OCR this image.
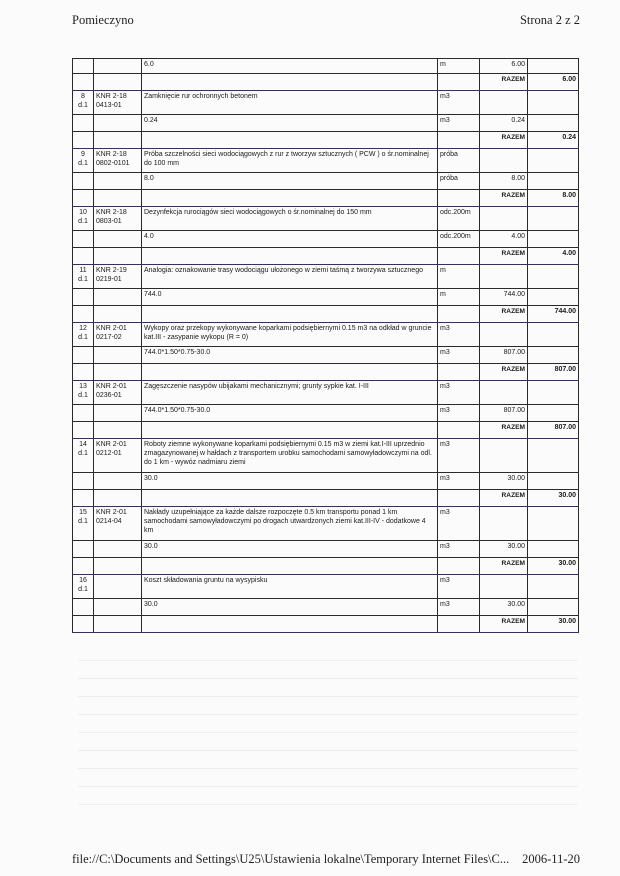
Pomieczyno	Strona 2 z 2
		6.0	m	6.00	
				RAZEM	6.00

8
d.1	KNR 2-18 0413-01	Zamknięcie rur ochronnych betonem	m3		
		0.24	m3	0.24	
				RAZEM	0.24

9
d.1	KNR 2-18 0802-0101	Próba szczelności sieci wodociągowych z rur z tworzyw sztucznych ( PCW ) o śr.nominalnej do 100 mm	próba		
		8.0	próba	8.00	
				RAZEM	8.00

10
d.1	KNR 2-18 0803-01	Dezynfekcja rurociągów sieci wodociągowych o śr.nominalnej do 150 mm	odc.200m		
		4.0	odc.200m	4.00	
				RAZEM	4.00

11
d.1	KNR 2-19 0219-01	Analogia: oznakowanie trasy wodociągu ułożonego w ziemi taśmą z tworzywa sztucznego	m		
		744.0	m	744.00	
				RAZEM	744.00

12
d.1	KNR 2-01 0217-02	Wykopy oraz przekopy wykonywane koparkami podsiębiernymi 0.15 m3 na odkład w gruncie kat.III - zasypanie wykopu (R = 0)	m3		
		744.0*1.50*0.75-30.0	m3	807.00	
				RAZEM	807.00

13
d.1	KNR 2-01 0236-01	Zagęszczenie nasypów ubijakami mechanicznymi; grunty sypkie kat. I-III	m3		
		744.0*1.50*0.75-30.0	m3	807.00	
				RAZEM	807.00

14
d.1	KNR 2-01 0212-01	Roboty ziemne wykonywane koparkami podsiębiernymi 0.15 m3 w ziemi kat.I-III uprzednio zmagazynowanej w hałdach z transportem urobku samochodami samowyładowczymi na odl. do 1 km - wywóz nadmiaru ziemi	m3		
		30.0	m3	30.00	
				RAZEM	30.00

15
d.1	KNR 2-01 0214-04	Nakłady uzupełniające za każde dalsze rozpoczęte 0.5 km transportu ponad 1 km samochodami samowyładowczymi po drogach utwardzonych ziemi kat.III-IV - dodatkowe 4 km	m3		
		30.0	m3	30.00	
				RAZEM	30.00

16
d.1		Koszt składowania gruntu na wysypisku	m3		
		30.0	m3	30.00	
				RAZEM	30.00
file://C:\Documents and Settings\U25\Ustawienia lokalne\Temporary Internet Files\C... 2006-11-20
